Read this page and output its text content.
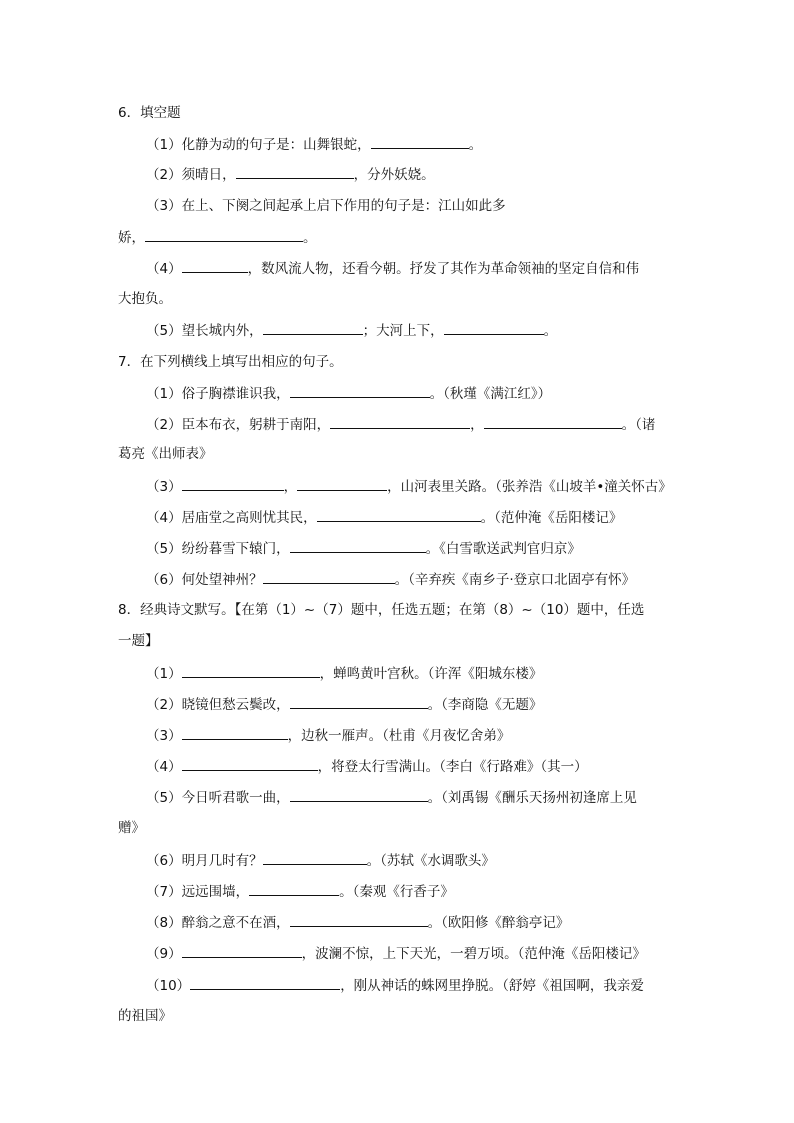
6．填空题
（1）化静为动的句子是：山舞银蛇，	。
（2）须晴日，	，分外妖娆。
（3）在上、下阕之间起承上启下作用的句子是：江山如此多
娇，	。
（4）	，数风流人物，还看今朝。抒发了其作为革命领袖的坚定自信和伟
大抱负。
（5）望长城内外，	；大河上下，	。
7．在下列横线上填写出相应的句子。
（1）俗子胸襟谁识我，	。（秋瑾《满江红》）
（2）臣本布衣，躬耕于南阳，	，	。（诸
葛亮《出师表》
（3）	，	，山河表里关路。（张养浩《山坡羊•潼关怀古》
（4）居庙堂之高则忧其民，	。（范仲淹《岳阳楼记》
（5）纷纷暮雪下辕门，	。《白雪歌送武判官归京》
（6）何处望神州？	。（辛弃疾《南乡子·登京口北固亭有怀》
8．经典诗文默写。【在第（1）~（7）题中，任选五题；在第（8）~（10）题中，任选
一题】
（1）	，蝉鸣黄叶宫秋。（许浑《阳城东楼》
（2）晓镜但愁云鬓改，	。（李商隐《无题》
（3）	，边秋一雁声。（杜甫《月夜忆舍弟》
（4）	，将登太行雪满山。（李白《行路难》（其一）
（5）今日听君歌一曲，	。（刘禹锡《酬乐天扬州初逢席上见
赠》
（6）明月几时有？	。（苏轼《水调歌头》
（7）远远围墙，	。（秦观《行香子》
（8）醉翁之意不在酒，	。（欧阳修《醉翁亭记》
（9）	，波澜不惊，上下天光，一碧万顷。（范仲淹《岳阳楼记》
（10）	，刚从神话的蛛网里挣脱。（舒婷《祖国啊，我亲爱
的祖国》
